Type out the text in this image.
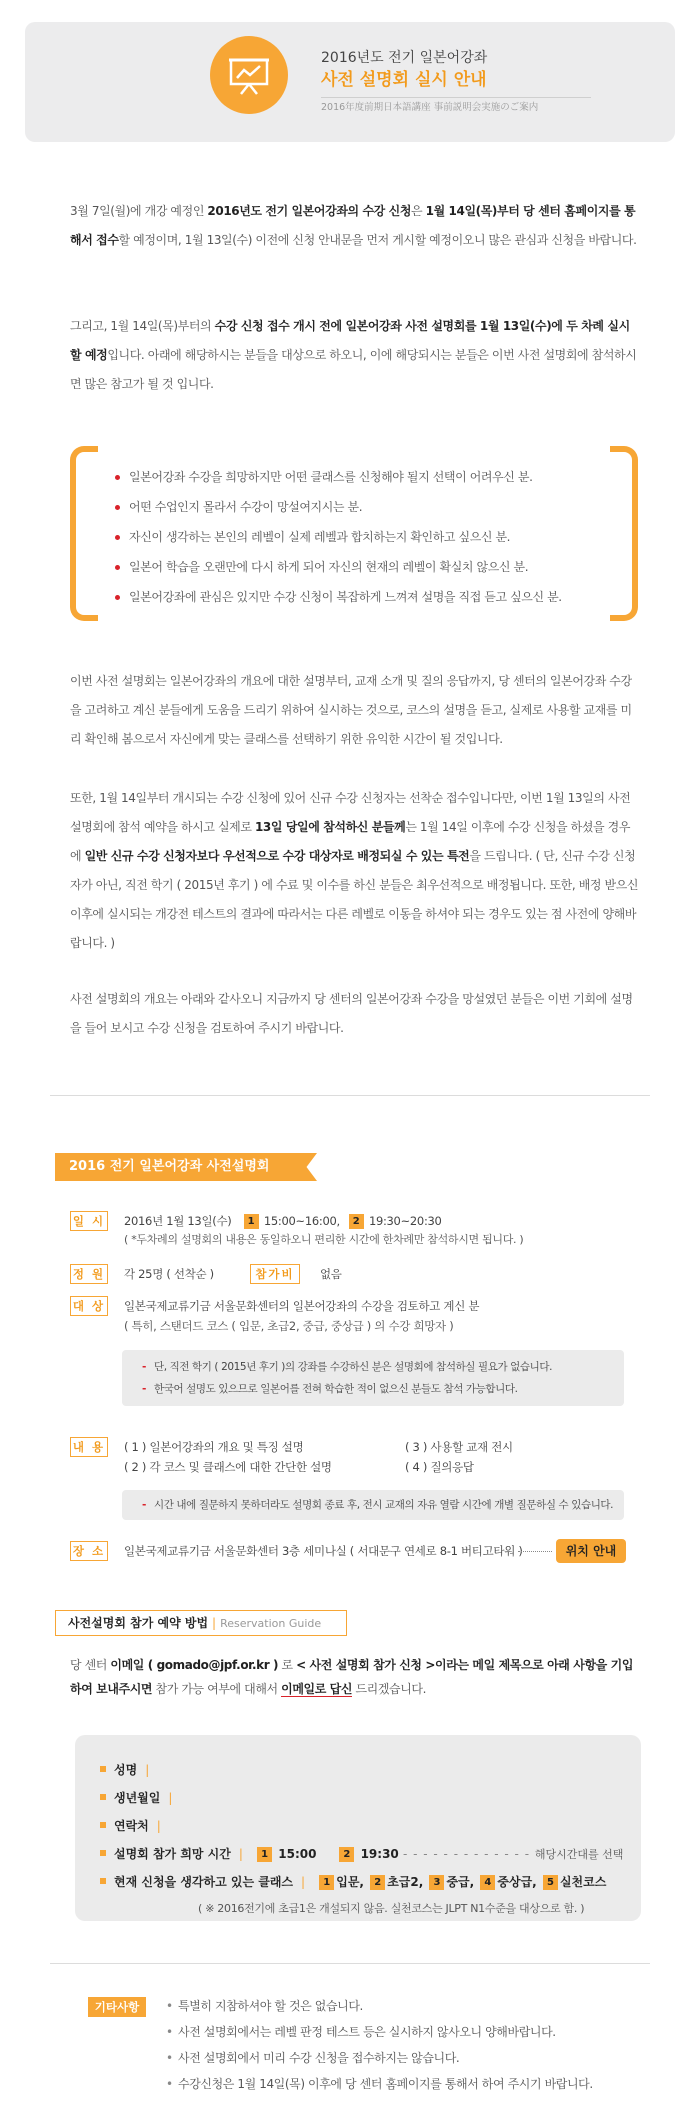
2016년도 전기 일본어강좌
사전 설명회 실시 안내
2016年度前期日本語講座 事前説明会実施のご案内
3월 7일(월)에 개강 예정인 2016년도 전기 일본어강좌의 수강 신청은 1월 14일(목)부터 당 센터 홈페이지를 통해서 접수할 예정이며, 1월 13일(수) 이전에 신청 안내문을 먼저 게시할 예정이오니 많은 관심과 신청을 바랍니다.
그리고, 1월 14일(목)부터의 수강 신청 접수 개시 전에 일본어강좌 사전 설명회를 1월 13일(수)에 두 차례 실시할 예정입니다. 아래에 해당하시는 분들을 대상으로 하오니, 이에 해당되시는 분들은 이번 사전 설명회에 참석하시면 많은 참고가 될 것 입니다.
일본어강좌 수강을 희망하지만 어떤 클래스를 신청해야 될지 선택이 어려우신 분.
어떤 수업인지 몰라서 수강이 망설여지시는 분.
자신이 생각하는 본인의 레벨이 실제 레벨과 합치하는지 확인하고 싶으신 분.
일본어 학습을 오랜만에 다시 하게 되어 자신의 현재의 레벨이 확실치 않으신 분.
일본어강좌에 관심은 있지만 수강 신청이 복잡하게 느껴져 설명을 직접 듣고 싶으신 분.
이번 사전 설명회는 일본어강좌의 개요에 대한 설명부터, 교재 소개 및 질의 응답까지, 당 센터의 일본어강좌 수강을 고려하고 계신 분들에게 도움을 드리기 위하여 실시하는 것으로, 코스의 설명을 듣고, 실제로 사용할 교재를 미리 확인해 봄으로서 자신에게 맞는 클래스를 선택하기 위한 유익한 시간이 될 것입니다.
또한, 1월 14일부터 개시되는 수강 신청에 있어 신규 수강 신청자는 선착순 접수입니다만, 이번 1월 13일의 사전 설명회에 참석 예약을 하시고 실제로 13일 당일에 참석하신 분들께는 1월 14일 이후에 수강 신청을 하셨을 경우에 일반 신규 수강 신청자보다 우선적으로 수강 대상자로 배정되실 수 있는 특전을 드립니다. ( 단, 신규 수강 신청자가 아닌, 직전 학기 ( 2015년 후기 ) 에 수료 및 이수를 하신 분들은 최우선적으로 배정됩니다. 또한, 배정 받으신 이후에 실시되는 개강전 테스트의 결과에 따라서는 다른 레벨로 이동을 하셔야 되는 경우도 있는 점 사전에 양해바랍니다. )
사전 설명회의 개요는 아래와 같사오니 지금까지 당 센터의 일본어강좌 수강을 망설였던 분들은 이번 기회에 설명을 들어 보시고 수강 신청을 검토하여 주시기 바랍니다.
2016 전기 일본어강좌 사전설명회
일 시 2016년 1월 13일(수) 1 15:00~16:00, 2 19:30~20:30
( *두차례의 설명회의 내용은 동일하오니 편리한 시간에 한차례만 참석하시면 됩니다. )
정 원 각 25명 ( 선착순 )	참가비	없음
대 상 일본국제교류기금 서울문화센터의 일본어강좌의 수강을 검토하고 계신 분
( 특히, 스탠더드 코스 ( 입문, 초급2, 중급, 중상급 ) 의 수강 희망자 )
- 단, 직전 학기 ( 2015년 후기 )의 강좌를 수강하신 분은 설명회에 참석하실 필요가 없습니다.
- 한국어 설명도 있으므로 일본어를 전혀 학습한 적이 없으신 분들도 참석 가능합니다.
내 용 ( 1 ) 일본어강좌의 개요 및 특징 설명
( 2 ) 각 코스 및 클래스에 대한 간단한 설명
( 3 ) 사용할 교재 전시
( 4 ) 질의응답
- 시간 내에 질문하지 못하더라도 설명회 종료 후, 전시 교재의 자유 열람 시간에 개별 질문하실 수 있습니다.
장 소 일본국제교류기금 서울문화센터 3층 세미나실 ( 서대문구 연세로 8-1 버티고타워 )	위치 안내
사전설명회 참가 예약 방법 | Reservation Guide
당 센터 이메일 ( gomado@jpf.or.kr ) 로 < 사전 설명회 참가 신청 >이라는 메일 제목으로 아래 사항을 기입하여 보내주시면 참가 가능 여부에 대해서 이메일로 답신 드리겠습니다.
성명 |
생년월일 |
연락처 |
설명회 참가 희망 시간 | 1 15:00	2 19:30 - - - - - - - - - - - - - 해당시간대를 선택
현재 신청을 생각하고 있는 클래스 | 1 입문, 2 초급2, 3 중급, 4 중상급, 5 실천코스
( ※ 2016전기에 초급1은 개설되지 않음. 실천코스는 JLPT N1수준을 대상으로 함. )
기타사항
•	특별히 지참하셔야 할 것은 없습니다.
• 사전 설명회에서는 레벨 판정 테스트 등은 실시하지 않사오니 양해바랍니다.
• 사전 설명회에서 미리 수강 신청을 접수하지는 않습니다.
• 수강신청은 1월 14일(목) 이후에 당 센터 홈페이지를 통해서 하여 주시기 바랍니다.
